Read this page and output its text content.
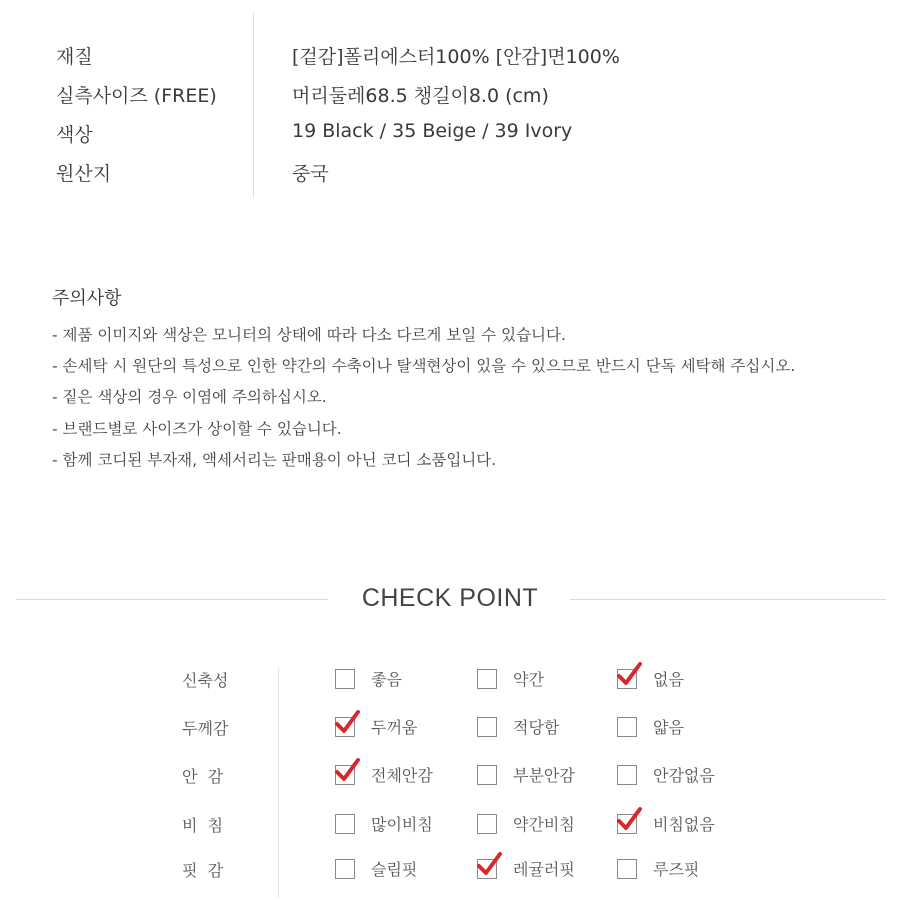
재질	[겉감]폴리에스터100% [안감]면100%
실측사이즈 (FREE)	머리둘레68.5 챙길이8.0 (cm)
색상	19 Black / 35 Beige / 39 Ivory
원산지	중국
주의사항
- 제품 이미지와 색상은 모니터의 상태에 따라 다소 다르게 보일 수 있습니다.
- 손세탁 시 원단의 특성으로 인한 약간의 수축이나 탈색현상이 있을 수 있으므로 반드시 단독 세탁해 주십시오.
- 짙은 색상의 경우 이염에 주의하십시오.
- 브랜드별로 사이즈가 상이할 수 있습니다.
- 함께 코디된 부자재, 액세서리는 판매용이 아닌 코디 소품입니다.
CHECK POINT
신축성	좋음	약간	없음
두께감	두꺼움	적당함	얇음
안  감	전체안감	부분안감	안감없음
비  침	많이비침	약간비침	비침없음
핏  감	슬림핏	레귤러핏	루즈핏
